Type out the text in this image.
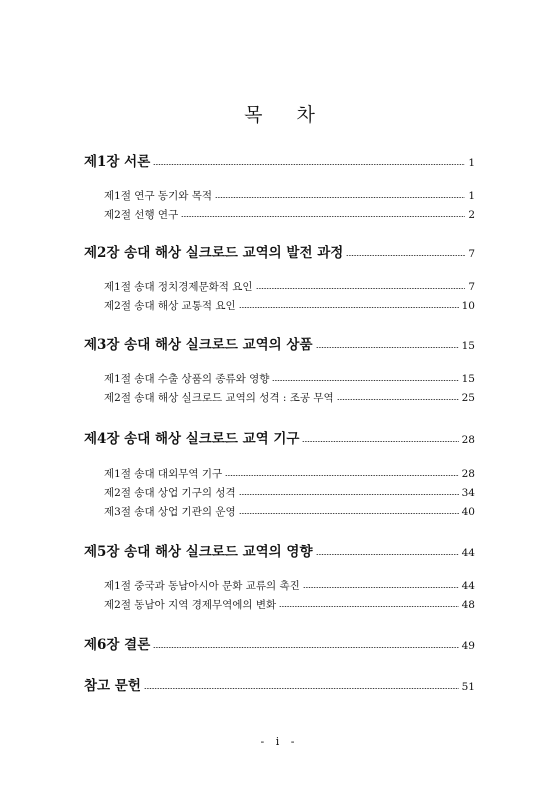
목 차
제1장 서론	1
제1절 연구 동기와 목적	1
제2절 선행 연구	2
제2장 송대 해상 실크로드 교역의 발전 과정	7
제1절 송대 정치경제문화적 요인	7
제2절 송대 해상 교통적 요인	10
제3장 송대 해상 실크로드 교역의 상품	15
제1절 송대 수출 상품의 종류와 영향	15
제2절 송대 해상 실크로드 교역의 성격 : 조공 무역	25
제4장 송대 해상 실크로드 교역 기구	28
제1절 송대 대외무역 기구	28
제2절 송대 상업 기구의 성격	34
제3절 송대 상업 기관의 운영	40
제5장 송대 해상 실크로드 교역의 영향	44
제1절 중국과 동남아시아 문화 교류의 촉진	44
제2절 동남아 지역 경제무역에의 변화	48
제6장 결론	49
참고 문헌	51
- i -
